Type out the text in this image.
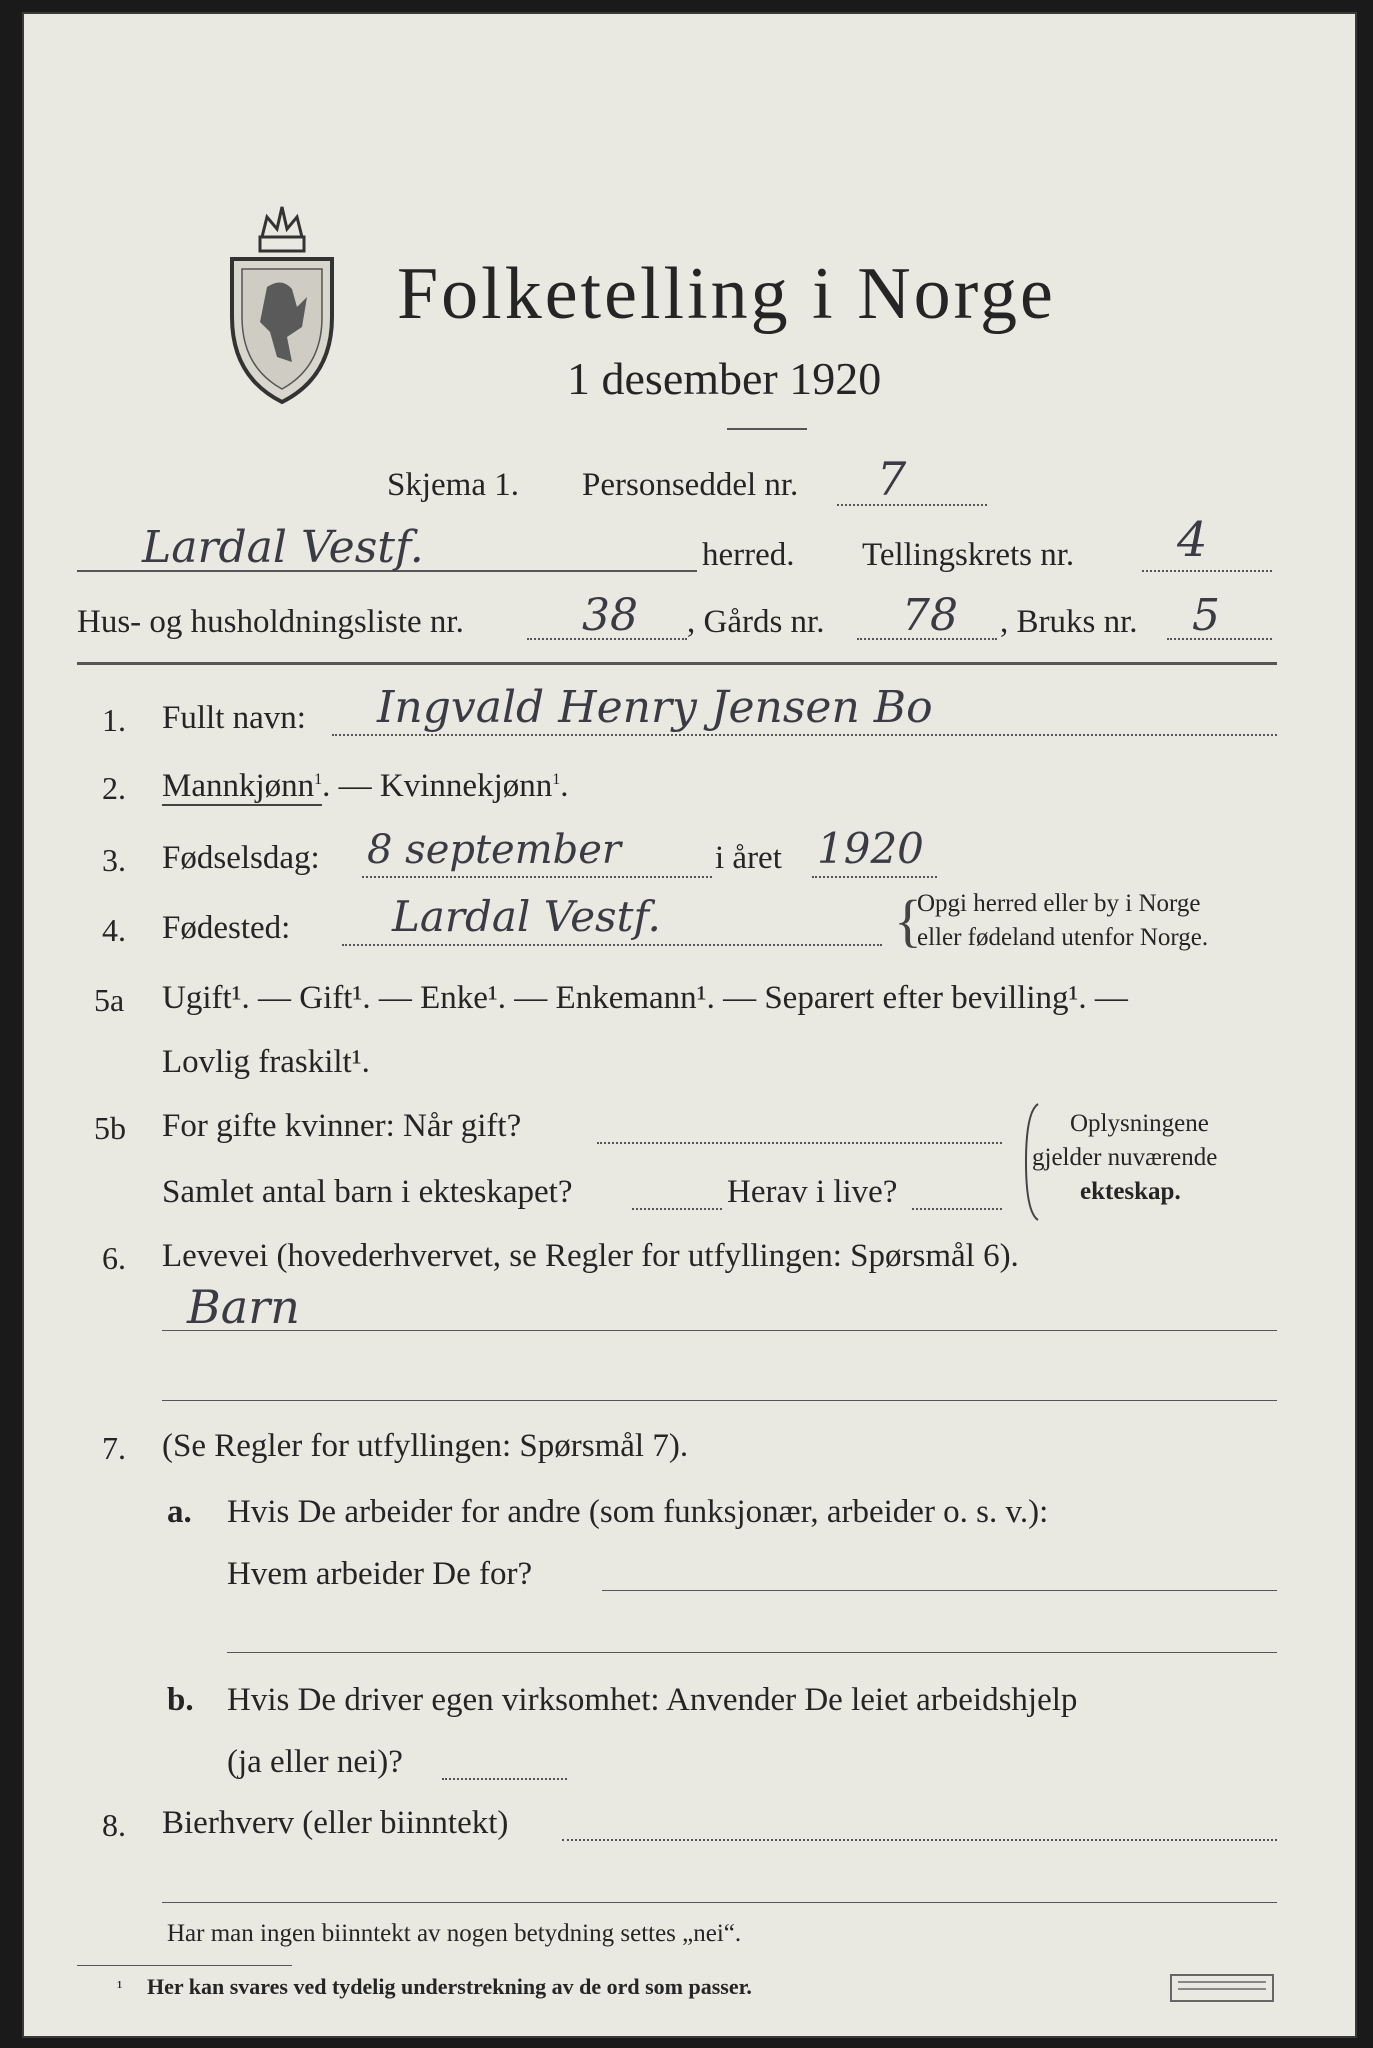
Folketelling i Norge
1 desember 1920
Skjema 1. Personseddel nr. 7
Lardal Vestf.	herred. Tellingskrets nr. 4
Hus- og husholdningsliste nr.	38 , Gårds nr. 78 , Bruks nr. 5
1. Fullt navn: Ingvald Henry Jensen Bo
2. Mannkjønn$^1$. — Kvinnekjønn$^1$.
3. Fødselsdag: 8 september	i året 1920
4. Fødested: Lardal Vestf.	{
Opgi herred eller by i Norge
eller fødeland utenfor Norge.
5a Ugift¹. — Gift¹. — Enke¹. — Enkemann¹. — Separert efter bevilling¹. —
Lovlig fraskilt¹.
5b For gifte kvinner: Når gift?
Samlet antal barn i ekteskapet?	Herav i live?
Oplysningene
gjelder nuværende
ekteskap.
6. Levevei (hovederhvervet, se Regler for utfyllingen: Spørsmål 6).
Barn
7. (Se Regler for utfyllingen: Spørsmål 7).
a. Hvis De arbeider for andre (som funksjonær, arbeider o. s. v.):
Hvem arbeider De for?
b. Hvis De driver egen virksomhet: Anvender De leiet arbeidshjelp
(ja eller nei)?
8. Bierhverv (eller biinntekt)
Har man ingen biinntekt av nogen betydning settes „nei“.
¹ Her kan svares ved tydelig understrekning av de ord som passer.
